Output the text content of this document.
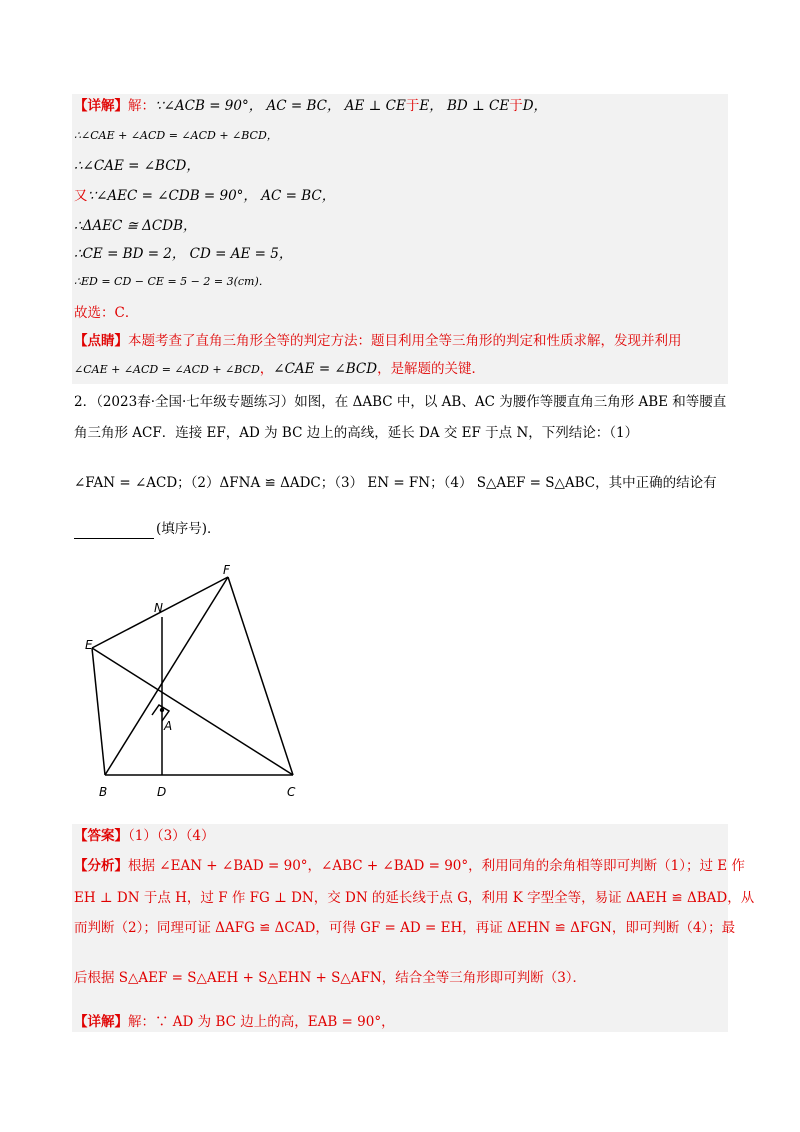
【详解】解：∵∠ACB = 90°， AC = BC， AE ⊥ CE于E， BD ⊥ CE于D，
∴∠CAE + ∠ACD = ∠ACD + ∠BCD，
∴∠CAE = ∠BCD，
又∵∠AEC = ∠CDB = 90°， AC = BC，
∴ΔAEC ≅ ΔCDB，
∴CE = BD = 2， CD = AE = 5，
∴ED = CD − CE = 5 − 2 = 3(cm)．
故选：C．
【点睛】本题考查了直角三角形全等的判定方法：题目利用全等三角形的判定和性质求解，发现并利用
∠CAE + ∠ACD = ∠ACD + ∠BCD，∠CAE = ∠BCD，是解题的关键．
2．（2023春·全国·七年级专题练习）如图，在 ΔABC 中，以 AB、AC 为腰作等腰直角三角形 ABE 和等腰直
角三角形 ACF．连接 EF，AD 为 BC 边上的高线，延长 DA 交 EF 于点 N，下列结论：（1）
∠FAN = ∠ACD；（2）ΔFNA ≌ ΔADC；（3） EN = FN；（4） S△AEF = S△ABC，其中正确的结论有
(填序号)．
F
N
E
A
B	D	C
【答案】（1）（3）（4）
【分析】根据 ∠EAN + ∠BAD = 90°，∠ABC + ∠BAD = 90°，利用同角的余角相等即可判断（1）；过 E 作
EH ⊥ DN 于点 H，过 F 作 FG ⊥ DN，交 DN 的延长线于点 G，利用 K 字型全等，易证 ΔAEH ≌ ΔBAD，从
而判断（2）；同理可证 ΔAFG ≌ ΔCAD，可得 GF = AD = EH，再证 ΔEHN ≌ ΔFGN，即可判断（4）；最
后根据 S△AEF = S△AEH + S△EHN + S△AFN，结合全等三角形即可判断（3）．
【详解】解：∵ AD 为 BC 边上的高，EAB = 90°，
